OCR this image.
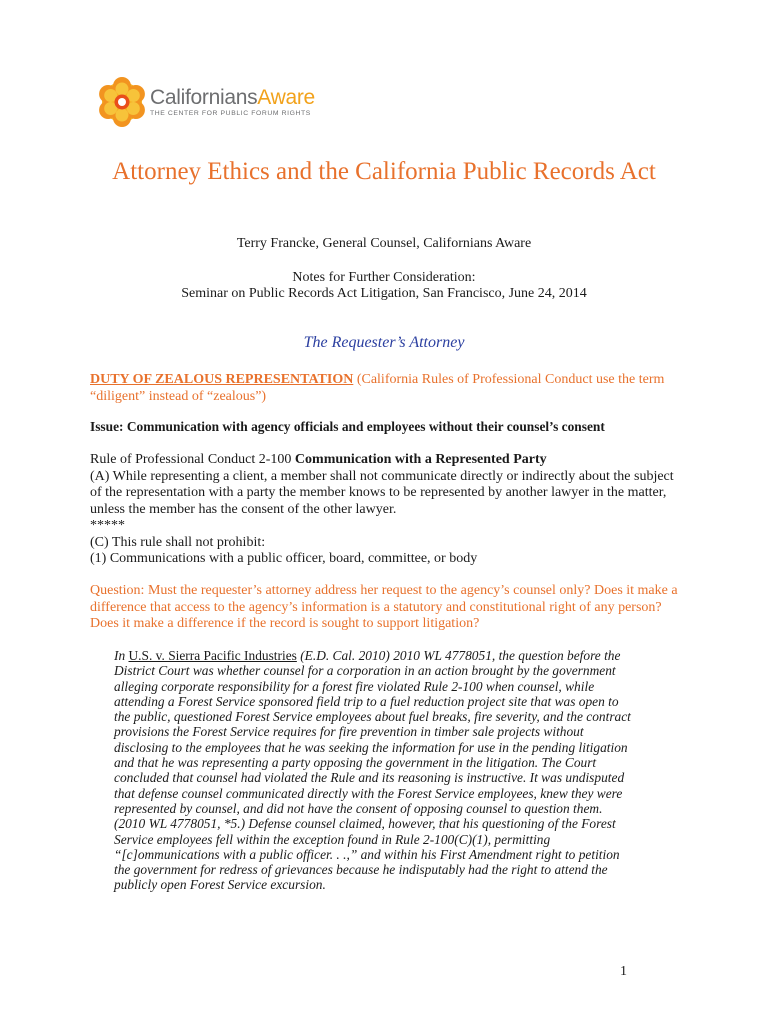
CaliforniansAware
THE CENTER FOR PUBLIC FORUM RIGHTS
Attorney Ethics and the California Public Records Act
Terry Francke, General Counsel, Californians Aware
Notes for Further Consideration:
Seminar on Public Records Act Litigation, San Francisco, June 24, 2014
The Requester’s Attorney
DUTY OF ZEALOUS REPRESENTATION (California Rules of Professional Conduct use the term “diligent” instead of “zealous”)
Issue: Communication with agency officials and employees without their counsel’s consent
Rule of Professional Conduct 2-100 Communication with a Represented Party
(A) While representing a client, a member shall not communicate directly or indirectly about the subject of the representation with a party the member knows to be represented by another lawyer in the matter, unless the member has the consent of the other lawyer.
*****
(C) This rule shall not prohibit:
(1) Communications with a public officer, board, committee, or body
Question: Must the requester’s attorney address her request to the agency’s counsel only? Does it make a difference that access to the agency’s information is a statutory and constitutional right of any person? Does it make a difference if the record is sought to support litigation?
In U.S. v. Sierra Pacific Industries (E.D. Cal. 2010) 2010 WL 4778051, the question before the District Court was whether counsel for a corporation in an action brought by the government alleging corporate responsibility for a forest fire violated Rule 2-100 when counsel, while attending a Forest Service sponsored field trip to a fuel reduction project site that was open to the public, questioned Forest Service employees about fuel breaks, fire severity, and the contract provisions the Forest Service requires for fire prevention in timber sale projects without disclosing to the employees that he was seeking the information for use in the pending litigation and that he was representing a party opposing the government in the litigation. The Court concluded that counsel had violated the Rule and its reasoning is instructive. It was undisputed that defense counsel communicated directly with the Forest Service employees, knew they were represented by counsel, and did not have the consent of opposing counsel to question them. (2010 WL 4778051, *5.) Defense counsel claimed, however, that his questioning of the Forest Service employees fell within the exception found in Rule 2-100(C)(1), permitting “[c]ommunications with a public officer. . .,” and within his First Amendment right to petition the government for redress of grievances because he indisputably had the right to attend the publicly open Forest Service excursion.
1
